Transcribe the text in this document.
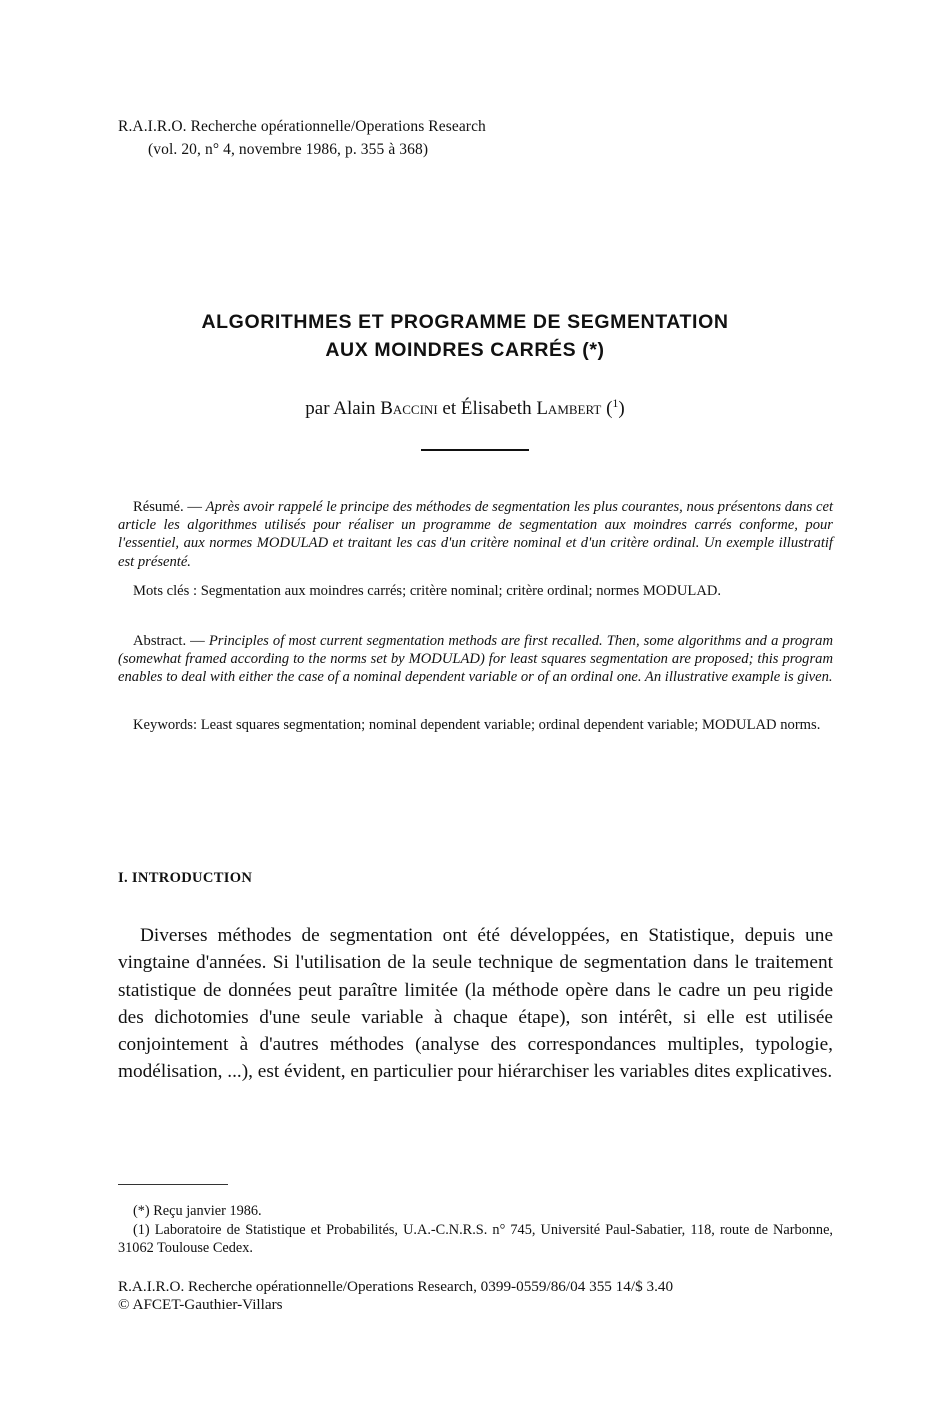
R.A.I.R.O. Recherche opérationnelle/Operations Research
(vol. 20, n° 4, novembre 1986, p. 355 à 368)
ALGORITHMES ET PROGRAMME DE SEGMENTATION
AUX MOINDRES CARRÉS (*)
par Alain Baccini et Élisabeth Lambert ($^1$)
Résumé. — Après avoir rappelé le principe des méthodes de segmentation les plus courantes, nous présentons dans cet article les algorithmes utilisés pour réaliser un programme de segmentation aux moindres carrés conforme, pour l'essentiel, aux normes MODULAD et traitant les cas d'un critère nominal et d'un critère ordinal. Un exemple illustratif est présenté.
Mots clés : Segmentation aux moindres carrés; critère nominal; critère ordinal; normes MODULAD.
Abstract. — Principles of most current segmentation methods are first recalled. Then, some algorithms and a program (somewhat framed according to the norms set by MODULAD) for least squares segmentation are proposed; this program enables to deal with either the case of a nominal dependent variable or of an ordinal one. An illustrative example is given.
Keywords: Least squares segmentation; nominal dependent variable; ordinal dependent variable; MODULAD norms.
I. INTRODUCTION
Diverses méthodes de segmentation ont été développées, en Statistique, depuis une vingtaine d'années. Si l'utilisation de la seule technique de segmentation dans le traitement statistique de données peut paraître limitée (la méthode opère dans le cadre un peu rigide des dichotomies d'une seule variable à chaque étape), son intérêt, si elle est utilisée conjointement à d'autres méthodes (analyse des correspondances multiples, typologie, modélisation, ...), est évident, en particulier pour hiérarchiser les variables dites explicatives.
(*) Reçu janvier 1986.
(1) Laboratoire de Statistique et Probabilités, U.A.-C.N.R.S. n° 745, Université Paul-Sabatier, 118, route de Narbonne, 31062 Toulouse Cedex.
R.A.I.R.O. Recherche opérationnelle/Operations Research, 0399-0559/86/04 355 14/$ 3.40
© AFCET-Gauthier-Villars
